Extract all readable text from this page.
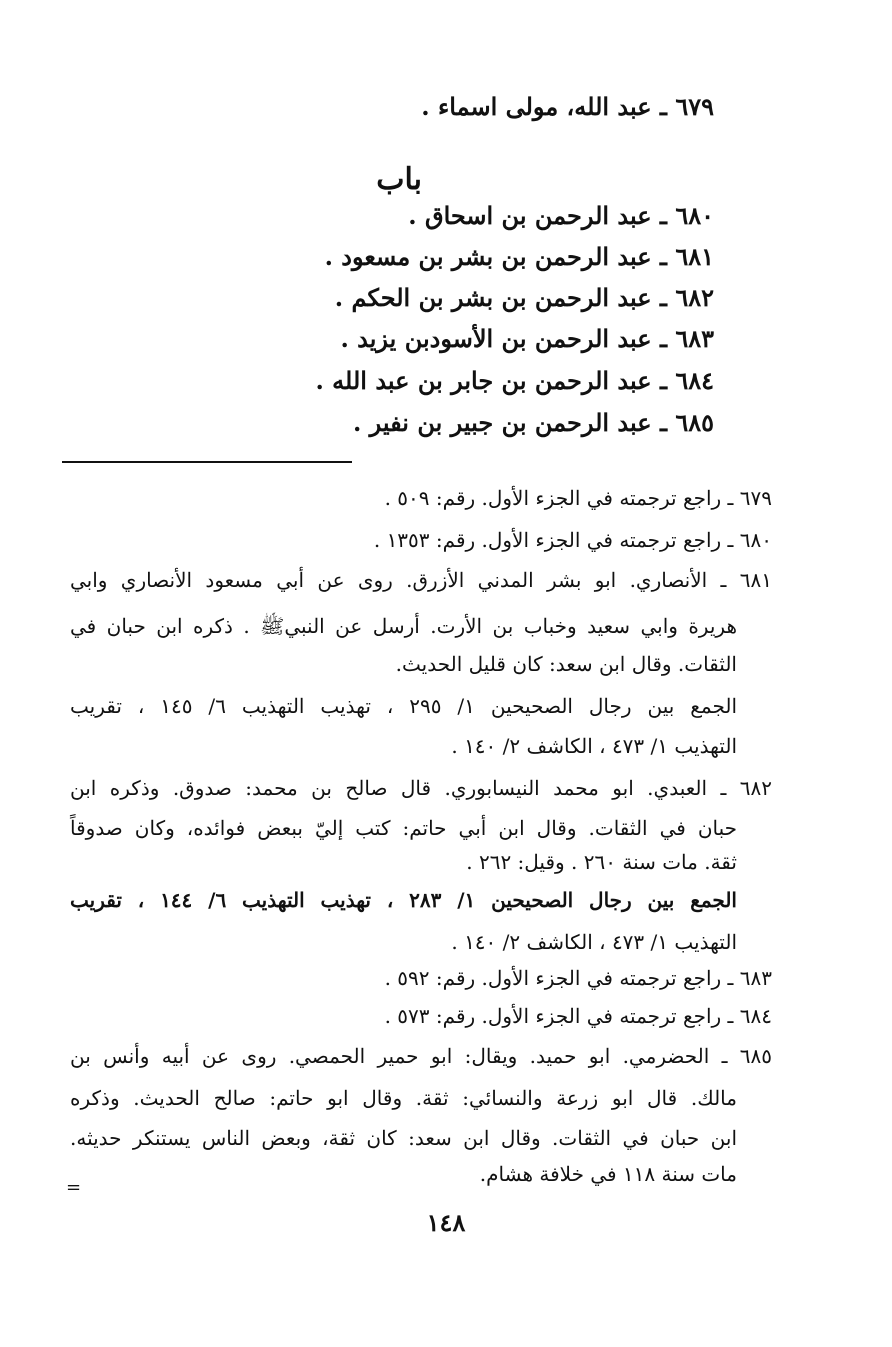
٦٧٩ ـ عبد الله، مولى اسماء .
باب
٦٨٠ ـ عبد الرحمن بن اسحاق .
٦٨١ ـ عبد الرحمن بن بشر بن مسعود .
٦٨٢ ـ عبد الرحمن بن بشر بن الحكم .
٦٨٣ ـ عبد الرحمن بن الأسودبن يزيد .
٦٨٤ ـ عبد الرحمن بن جابر بن عبد الله .
٦٨٥ ـ عبد الرحمن بن جبير بن نفير .
٦٧٩ ـ راجع ترجمته في الجزء الأول. رقم: ٥٠٩ .
٦٨٠ ـ راجع ترجمته في الجزء الأول. رقم: ١٣٥٣ .
٦٨١ ـ الأنصاري. ابو بشر المدني الأزرق. روى عن أبي مسعود الأنصاري وابي
هريرة وابي سعيد وخباب بن الأرت. أرسل عن النبيﷺ . ذكره ابن حبان في
الثقات. وقال ابن سعد: كان قليل الحديث.
الجمع بين رجال الصحيحين ١/ ٢٩٥ ، تهذيب التهذيب ٦/ ١٤٥ ، تقريب
التهذيب ١/ ٤٧٣ ، الكاشف ٢/ ١٤٠ .
٦٨٢ ـ العبدي. ابو محمد النيسابوري. قال صالح بن محمد: صدوق. وذكره ابن
حبان في الثقات. وقال ابن أبي حاتم: كتب إليّ ببعض فوائده، وكان صدوقاً
ثقة. مات سنة ٢٦٠ . وقيل: ٢٦٢ .
الجمع بين رجال الصحيحين ١/ ٢٨٣ ، تهذيب التهذيب ٦/ ١٤٤ ، تقريب
التهذيب ١/ ٤٧٣ ، الكاشف ٢/ ١٤٠ .
٦٨٣ ـ راجع ترجمته في الجزء الأول. رقم: ٥٩٢ .
٦٨٤ ـ راجع ترجمته في الجزء الأول. رقم: ٥٧٣ .
٦٨٥ ـ الحضرمي. ابو حميد. ويقال: ابو حمير الحمصي. روى عن أبيه وأنس بن
مالك. قال ابو زرعة والنسائي: ثقة. وقال ابو حاتم: صالح الحديث. وذكره
ابن حبان في الثقات. وقال ابن سعد: كان ثقة، وبعض الناس يستنكر حديثه.
مات سنة ١١٨ في خلافة هشام.
=
١٤٨
